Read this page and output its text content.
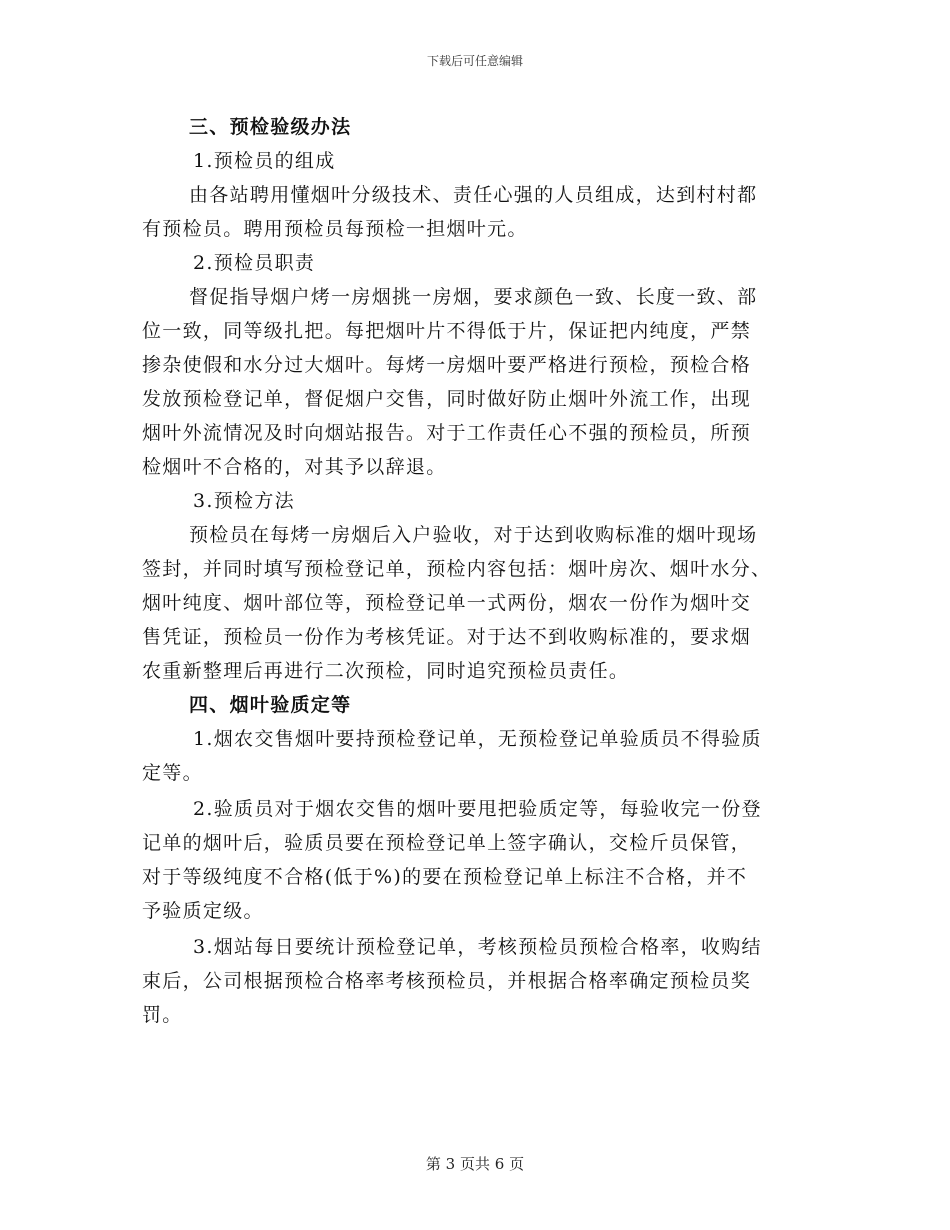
下载后可任意编辑
三、预检验级办法
1.预检员的组成
由各站聘用懂烟叶分级技术、责任心强的人员组成，达到村村都
有预检员。聘用预检员每预检一担烟叶元。
2.预检员职责
督促指导烟户烤一房烟挑一房烟，要求颜色一致、长度一致、部
位一致，同等级扎把。每把烟叶片不得低于片，保证把内纯度，严禁
掺杂使假和水分过大烟叶。每烤一房烟叶要严格进行预检，预检合格
发放预检登记单，督促烟户交售，同时做好防止烟叶外流工作，出现
烟叶外流情况及时向烟站报告。对于工作责任心不强的预检员，所预
检烟叶不合格的，对其予以辞退。
3.预检方法
预检员在每烤一房烟后入户验收，对于达到收购标准的烟叶现场
签封，并同时填写预检登记单，预检内容包括：烟叶房次、烟叶水分、
烟叶纯度、烟叶部位等，预检登记单一式两份，烟农一份作为烟叶交
售凭证，预检员一份作为考核凭证。对于达不到收购标准的，要求烟
农重新整理后再进行二次预检，同时追究预检员责任。
四、烟叶验质定等
1.烟农交售烟叶要持预检登记单，无预检登记单验质员不得验质
定等。
2.验质员对于烟农交售的烟叶要甩把验质定等，每验收完一份登
记单的烟叶后，验质员要在预检登记单上签字确认，交检斤员保管，
对于等级纯度不合格(低于%)的要在预检登记单上标注不合格，并不
予验质定级。
3.烟站每日要统计预检登记单，考核预检员预检合格率，收购结
束后，公司根据预检合格率考核预检员，并根据合格率确定预检员奖
罚。
第 3 页共 6 页
